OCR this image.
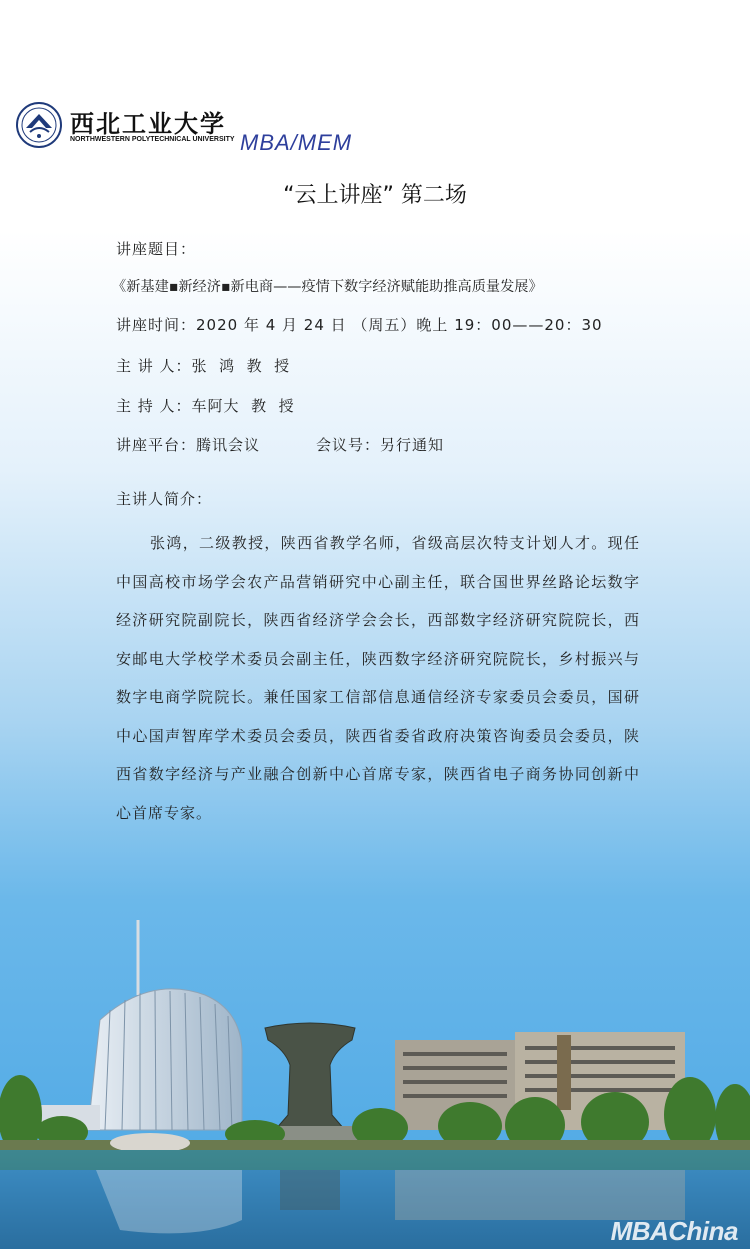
西北工业大学
NORTHWESTERN POLYTECHNICAL UNIVERSITY MBA/MEM
“云上讲座” 第二场
讲座题目：
《新基建▪新经济▪新电商——疫情下数字经济赋能助推高质量发展》
讲座时间：2020 年 4 月 24 日 （周五）晚上 19：00——20：30
主 讲 人：张  鸿  教  授
主 持 人：车阿大  教  授
讲座平台：腾讯会议	会议号：另行通知
主讲人简介：
张鸿，二级教授，陕西省教学名师，省级高层次特支计划人才。现任中国高校市场学会农产品营销研究中心副主任，联合国世界丝路论坛数字经济研究院副院长，陕西省经济学会会长，西部数字经济研究院院长，西安邮电大学校学术委员会副主任，陕西数字经济研究院院长，乡村振兴与数字电商学院院长。兼任国家工信部信息通信经济专家委员会委员，国研中心国声智库学术委员会委员，陕西省委省政府决策咨询委员会委员，陕西省数字经济与产业融合创新中心首席专家，陕西省电子商务协同创新中心首席专家。
MBAChina
